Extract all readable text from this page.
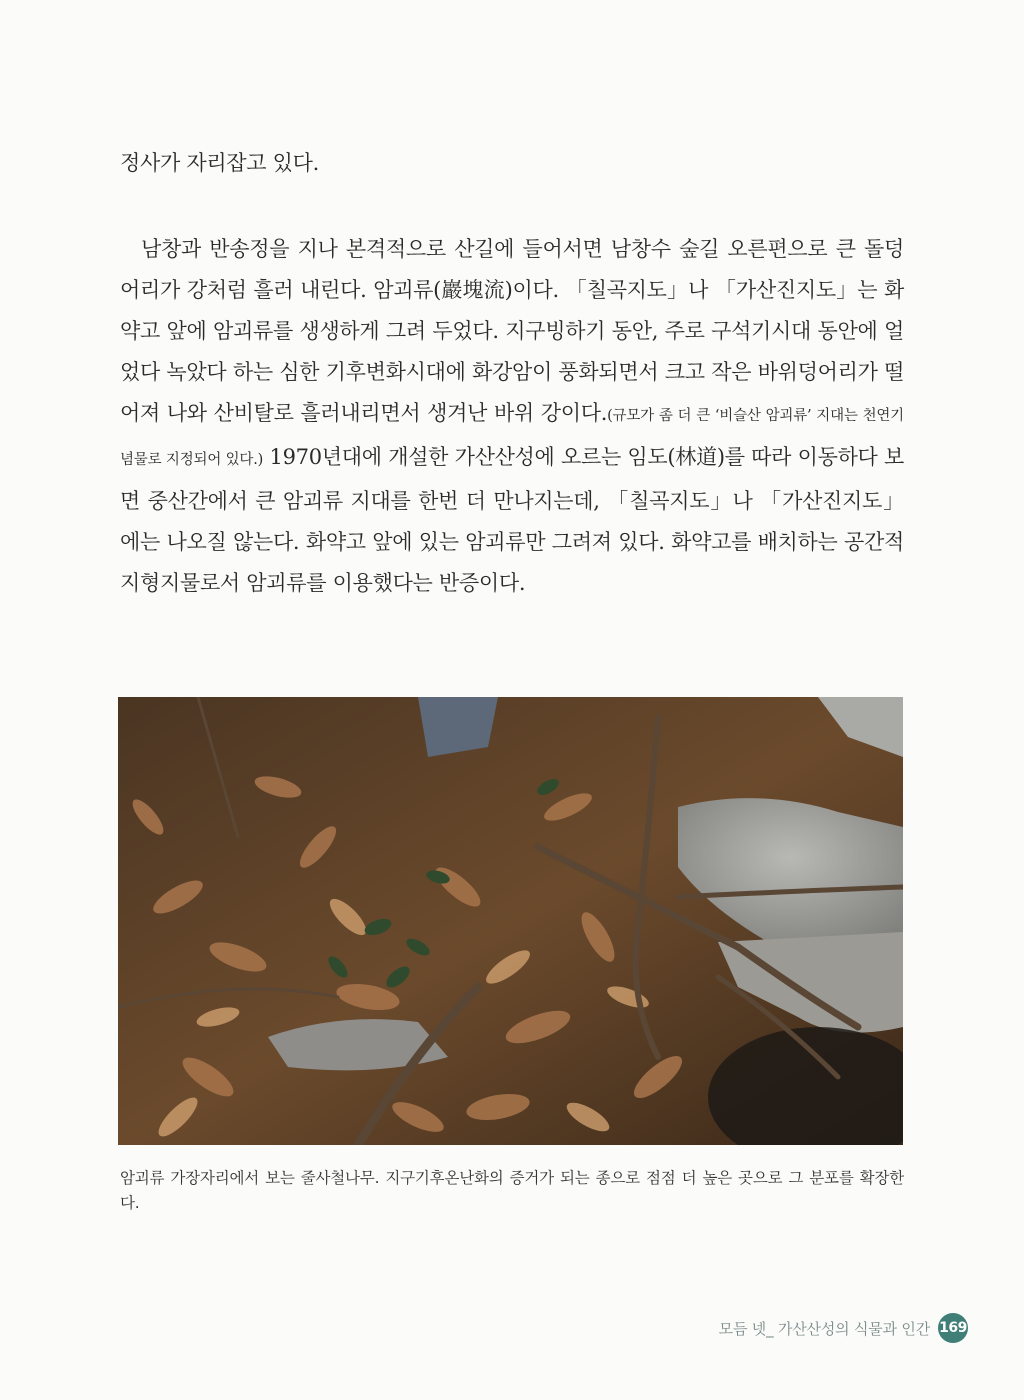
정사가 자리잡고 있다.

남창과 반송정을 지나 본격적으로 산길에 들어서면 남창수 숲길 오른편으로 큰 돌덩어리가 강처럼 흘러 내린다. 암괴류(巖塊流)이다. 「칠곡지도」나 「가산진지도」는 화약고 앞에 암괴류를 생생하게 그려 두었다. 지구빙하기 동안, 주로 구석기시대 동안에 얼었다 녹았다 하는 심한 기후변화시대에 화강암이 풍화되면서 크고 작은 바위덩어리가 떨어져 나와 산비탈로 흘러내리면서 생겨난 바위 강이다.(규모가 좀 더 큰 ‘비슬산 암괴류’ 지대는 천연기념물로 지정되어 있다.) 1970년대에 개설한 가산산성에 오르는 임도(林道)를 따라 이동하다 보면 중산간에서 큰 암괴류 지대를 한번 더 만나지는데, 「칠곡지도」나 「가산진지도」에는 나오질 않는다. 화약고 앞에 있는 암괴류만 그려져 있다. 화약고를 배치하는 공간적 지형지물로서 암괴류를 이용했다는 반증이다.

암괴류 가장자리에서 보는 줄사철나무. 지구기후온난화의 증거가 되는 종으로 점점 더 높은 곳으로 그 분포를 확장한다.

모듬 넷_ 가산산성의 식물과 인간 169
